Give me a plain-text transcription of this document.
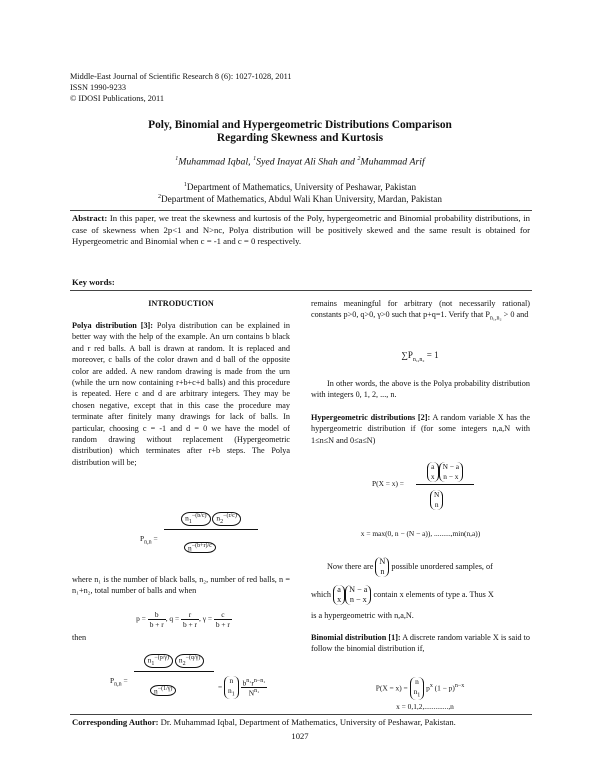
Middle-East Journal of Scientific Research 8 (6): 1027-1028, 2011
ISSN 1990-9233
© IDOSI Publications, 2011
Poly, Binomial and Hypergeometric Distributions Comparison
Regarding Skewness and Kurtosis
$^1$Muhammad Iqbal, $^1$Syed Inayat Ali Shah and $^2$Muhammad Arif
$^1$Department of Mathematics, University of Peshawar, Pakistan
$^2$Department of Mathematics, Abdul Wali Khan University, Mardan, Pakistan
Abstract: In this paper, we treat the skewness and kurtosis of the Poly, hypergeometric and Binomial probability distributions, in case of skewness when 2p<1 and N>nc, Polya distribution will be positively skewed and the same result is obtained for Hypergeometric and Binomial when c = -1 and c = 0 respectively.
Key words:
INTRODUCTION
Polya distribution [3]: Polya distribution can be explained in better way with the help of the example. An urn contains b black and r red balls. A ball is drawn at random. It is replaced and moreover, c balls of the color drawn and d ball of the opposite color are added. A new random drawing is made from the urn (while the urn now containing r+b+c+d balls) and this procedure is repeated. Here c and d are arbitrary integers. They may be chosen negative, except that in this case the procedure may terminate after finitely many drawings for lack of balls. In particular, choosing c = -1 and d = 0 we have the model of random drawing without replacement (Hypergeometric distribution) which terminates after r+b steps. The Polya distribution will be;
$P_{n,n}$ =
$n_1^{-(b/c)}$ $n_2^{-(r/c)}$
$n^{-(b+r)/c}$
where n₁ is the number of black balls, n₂, number of red balls, n = n₁+n₂, total number of balls and when
$p = \frac{b}{b + r}$ , $q = \frac{r}{b + r}$ , $\gamma = \frac{c}{b + r}$
then
$P_{n,n}$ =
$n_1^{-(p/\gamma)}$ $n_2^{-(q/\gamma)}$
$n^{-(1/\gamma)}$	= n
$n_1 \frac{b^{n_1}r^{n-n_1}}{N^{n_1}}$
remains meaningful for arbitrary (not necessarily rational) constants p>0, q>0, γ>0 such that p+q=1. Verify that $P_{n_1,n_2} > 0$ and
$\sum P_{n_1,n_2} = 1$
In other words, the above is the Polya probability distribution with integers 0, 1, 2, ..., n.
Hypergeometric distributions [2]: A random variable X has the hypergeometric distribution if (for some integers n,a,N with 1≤n≤N and 0≤a≤N)
P(X = x) =
a
xN − a
n − x
N
n
x = max(0, n − (N − a)), .........,min(n,a))
Now there are N
n possible unordered samples, of
which a
xN − a
n − x contain x elements of type a. Thus X
is a hypergeometric with n,a,N.
Binomial distribution [1]: A discrete random variable X is said to follow the binomial distribution if,
P(X = x) = n
$n_1$ $p^x$ $(1 - p)^{n-x}$
x = 0,1,2,.............,n
Corresponding Author: Dr. Muhammad Iqbal, Department of Mathematics, University of Peshawar, Pakistan.
1027
